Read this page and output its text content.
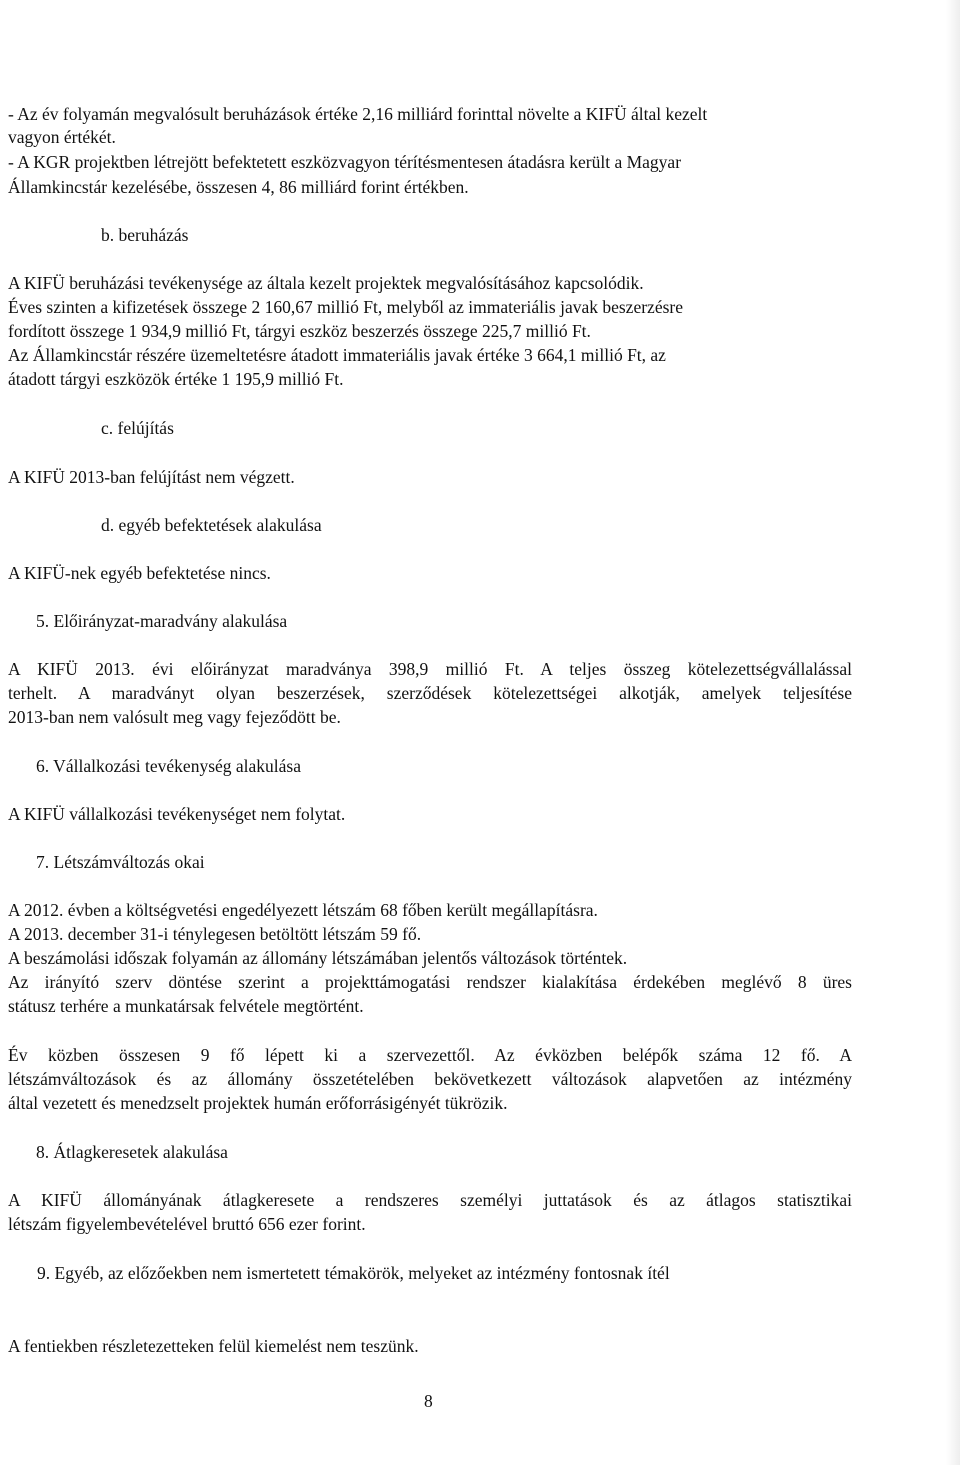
- Az év folyamán megvalósult beruházások értéke 2,16 milliárd forinttal növelte a KIFÜ által kezelt
vagyon értékét.
- A KGR projektben létrejött befektetett eszközvagyon térítésmentesen átadásra került a Magyar
Államkincstár kezelésébe, összesen 4, 86 milliárd forint értékben.
b. beruházás
A KIFÜ beruházási tevékenysége az általa kezelt projektek megvalósításához kapcsolódik.
Éves szinten a kifizetések összege 2 160,67 millió Ft, melyből az immateriális javak beszerzésre
fordított összege 1 934,9 millió Ft, tárgyi eszköz beszerzés összege 225,7 millió Ft.
Az Államkincstár részére üzemeltetésre átadott immateriális javak értéke 3 664,1 millió Ft, az
átadott tárgyi eszközök értéke 1 195,9 millió Ft.
c. felújítás
A KIFÜ 2013-ban felújítást nem végzett.
d. egyéb befektetések alakulása
A KIFÜ-nek egyéb befektetése nincs.
5. Előirányzat-maradvány alakulása
A KIFÜ 2013. évi előirányzat maradványa 398,9 millió Ft. A teljes összeg kötelezettségvállalással
terhelt. A maradványt olyan beszerzések, szerződések kötelezettségei alkotják, amelyek teljesítése
2013-ban nem valósult meg vagy fejeződött be.
6. Vállalkozási tevékenység alakulása
A KIFÜ vállalkozási tevékenységet nem folytat.
7. Létszámváltozás okai
A 2012. évben a költségvetési engedélyezett létszám 68 főben került megállapításra.
A 2013. december 31-i ténylegesen betöltött létszám 59 fő.
A beszámolási időszak folyamán az állomány létszámában jelentős változások történtek.
Az irányító szerv döntése szerint a projekttámogatási rendszer kialakítása érdekében meglévő 8 üres
státusz terhére a munkatársak felvétele megtörtént.
Év közben összesen 9 fő lépett ki a szervezettől. Az évközben belépők száma 12 fő. A
létszámváltozások és az állomány összetételében bekövetkezett változások alapvetően az intézmény
által vezetett és menedzselt projektek humán erőforrásigényét tükrözik.
8. Átlagkeresetek alakulása
A KIFÜ állományának átlagkeresete a rendszeres személyi juttatások és az átlagos statisztikai
létszám figyelembevételével bruttó 656 ezer forint.
9. Egyéb, az előzőekben nem ismertetett témakörök, melyeket az intézmény fontosnak ítél
A fentiekben részletezetteken felül kiemelést nem teszünk.
8
